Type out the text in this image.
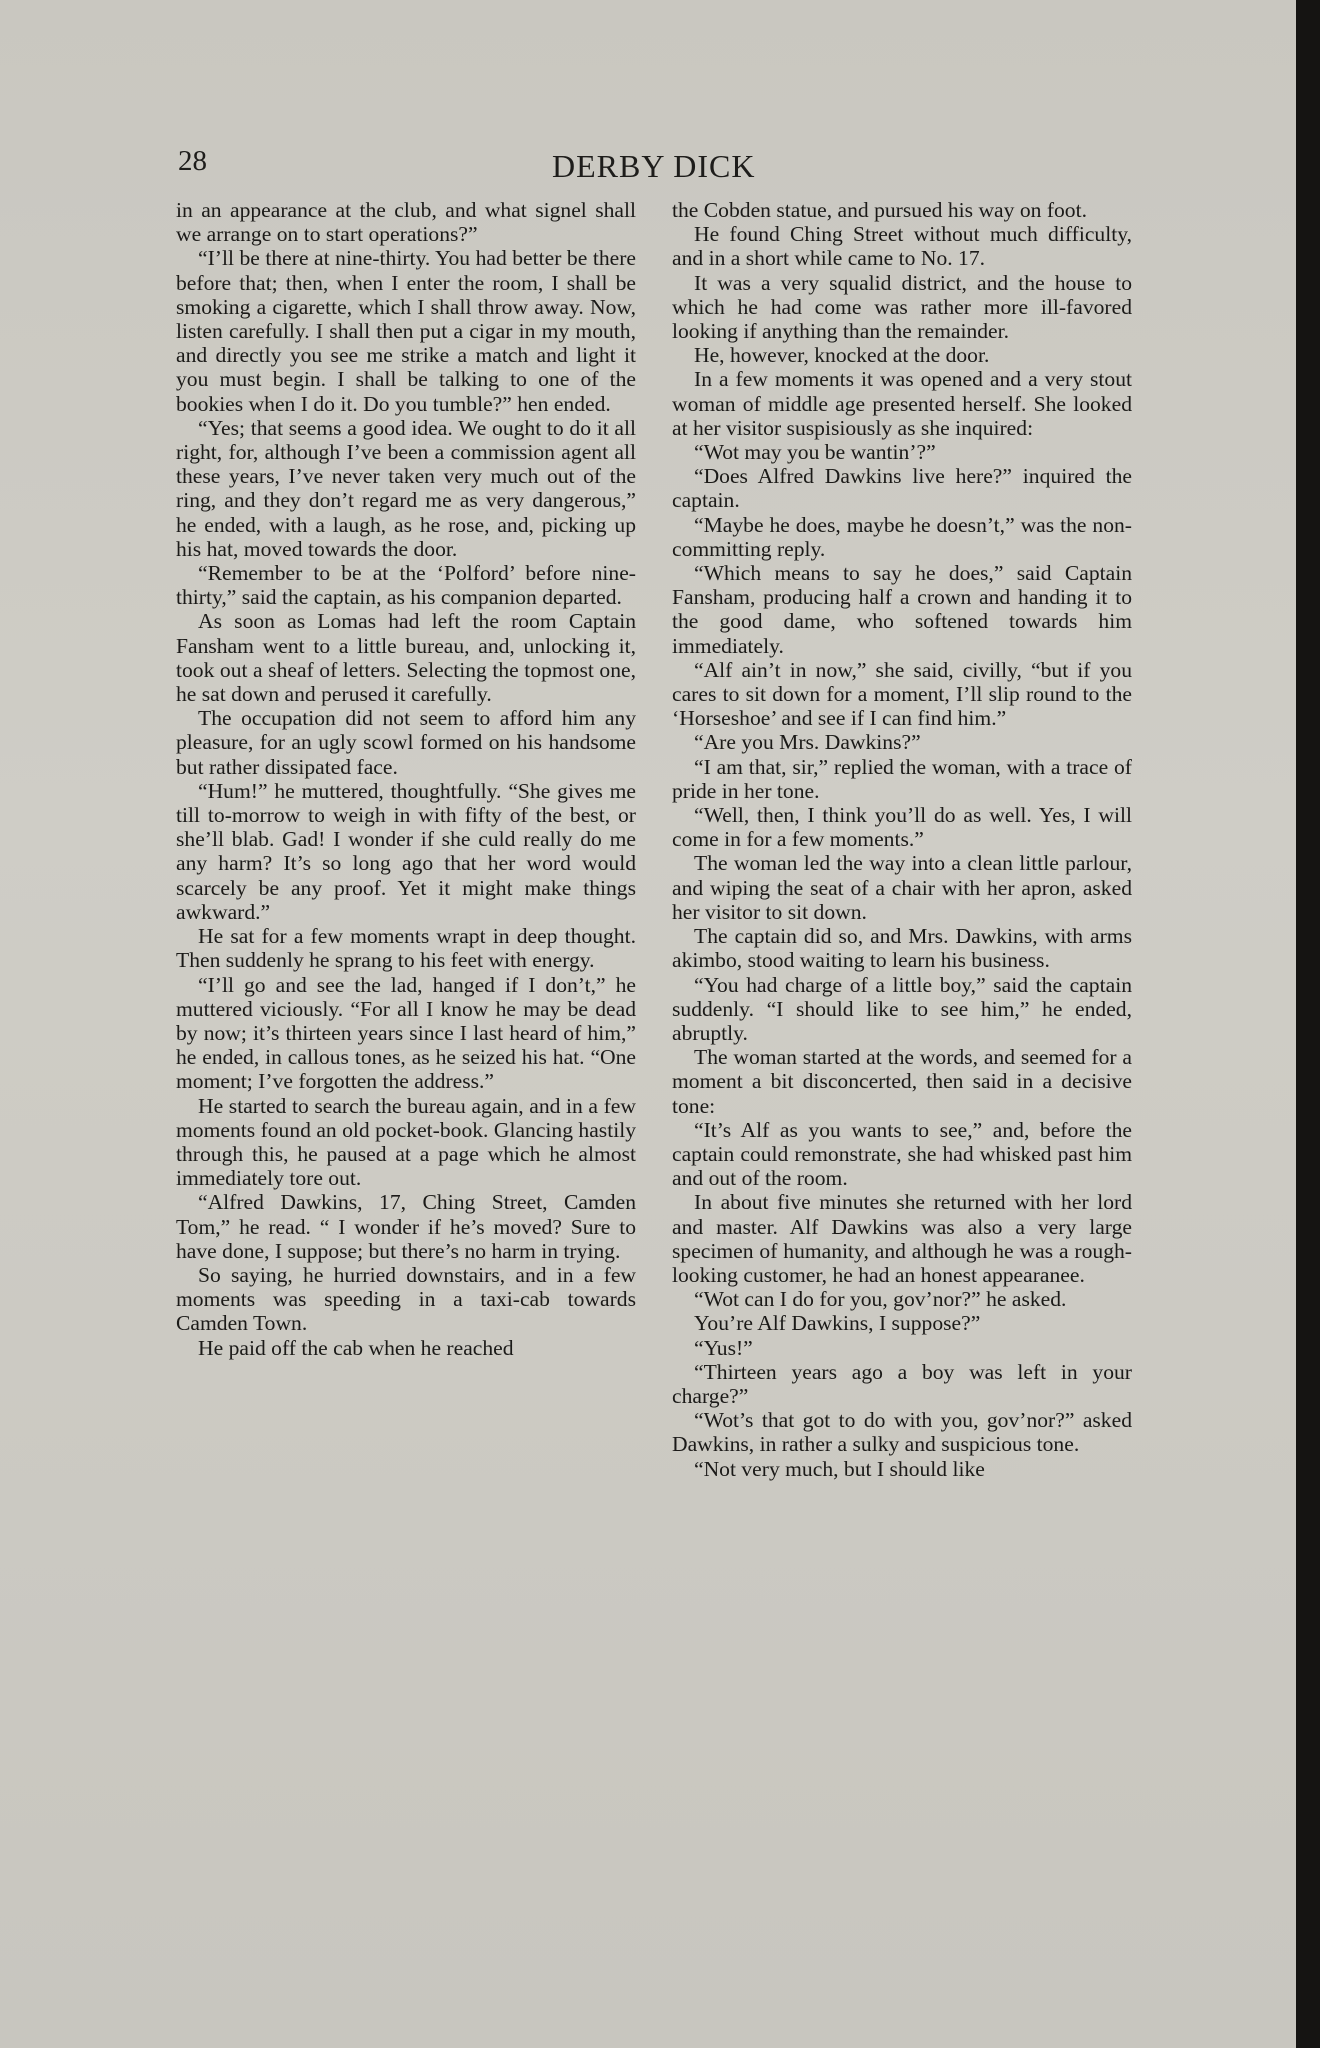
28	DERBY DICK

in an appearance at the club, and what signel shall we arrange on to start operations?”

“I’ll be there at nine-thirty. You had better be there before that; then, when I enter the room, I shall be smoking a cigarette, which I shall throw away. Now, listen carefully. I shall then put a cigar in my mouth, and directly you see me strike a match and light it you must begin. I shall be talking to one of the bookies when I do it. Do you tumble?” hen ended.

“Yes; that seems a good idea. We ought to do it all right, for, although I’ve been a commission agent all these years, I’ve never taken very much out of the ring, and they don’t regard me as very dangerous,” he ended, with a laugh, as he rose, and, picking up his hat, moved towards the door.

“Remember to be at the ‘Polford’ before nine-thirty,” said the captain, as his companion departed.

As soon as Lomas had left the room Captain Fansham went to a little bureau, and, unlocking it, took out a sheaf of letters. Selecting the topmost one, he sat down and perused it carefully.

The occupation did not seem to afford him any pleasure, for an ugly scowl formed on his handsome but rather dissipated face.

“Hum!” he muttered, thoughtfully. “She gives me till to-morrow to weigh in with fifty of the best, or she’ll blab. Gad! I wonder if she culd really do me any harm? It’s so long ago that her word would scarcely be any proof. Yet it might make things awkward.”

He sat for a few moments wrapt in deep thought. Then suddenly he sprang to his feet with energy.

“I’ll go and see the lad, hanged if I don’t,” he muttered viciously. “For all I know he may be dead by now; it’s thirteen years since I last heard of him,” he ended, in callous tones, as he seized his hat. “One moment; I’ve forgotten the address.”

He started to search the bureau again, and in a few moments found an old pocket-book. Glancing hastily through this, he paused at a page which he almost immediately tore out.

“Alfred Dawkins, 17, Ching Street, Camden Tom,” he read. “ I wonder if he’s moved? Sure to have done, I suppose; but there’s no harm in trying.

So saying, he hurried downstairs, and in a few moments was speeding in a taxi-cab towards Camden Town.

He paid off the cab when he reached

the Cobden statue, and pursued his way on foot.

He found Ching Street without much difficulty, and in a short while came to No. 17.

It was a very squalid district, and the house to which he had come was rather more ill-favored looking if anything than the remainder.

He, however, knocked at the door.

In a few moments it was opened and a very stout woman of middle age presented herself. She looked at her visitor suspisiously as she inquired:

“Wot may you be wantin’?”

“Does Alfred Dawkins live here?” inquired the captain.

“Maybe he does, maybe he doesn’t,” was the non-committing reply.

“Which means to say he does,” said Captain Fansham, producing half a crown and handing it to the good dame, who softened towards him immediately.

“Alf ain’t in now,” she said, civilly, “but if you cares to sit down for a moment, I’ll slip round to the ‘Horseshoe’ and see if I can find him.”

“Are you Mrs. Dawkins?”

“I am that, sir,” replied the woman, with a trace of pride in her tone.

“Well, then, I think you’ll do as well. Yes, I will come in for a few moments.”

The woman led the way into a clean little parlour, and wiping the seat of a chair with her apron, asked her visitor to sit down.

The captain did so, and Mrs. Dawkins, with arms akimbo, stood waiting to learn his business.

“You had charge of a little boy,” said the captain suddenly. “I should like to see him,” he ended, abruptly.

The woman started at the words, and seemed for a moment a bit disconcerted, then said in a decisive tone:

“It’s Alf as you wants to see,” and, before the captain could remonstrate, she had whisked past him and out of the room.

In about five minutes she returned with her lord and master. Alf Dawkins was also a very large specimen of humanity, and although he was a rough-looking customer, he had an honest appearanee.

“Wot can I do for you, gov’nor?” he asked.

You’re Alf Dawkins, I suppose?”

“Yus!”

“Thirteen years ago a boy was left in your charge?”

“Wot’s that got to do with you, gov’nor?” asked Dawkins, in rather a sulky and suspicious tone.

“Not very much, but I should like
